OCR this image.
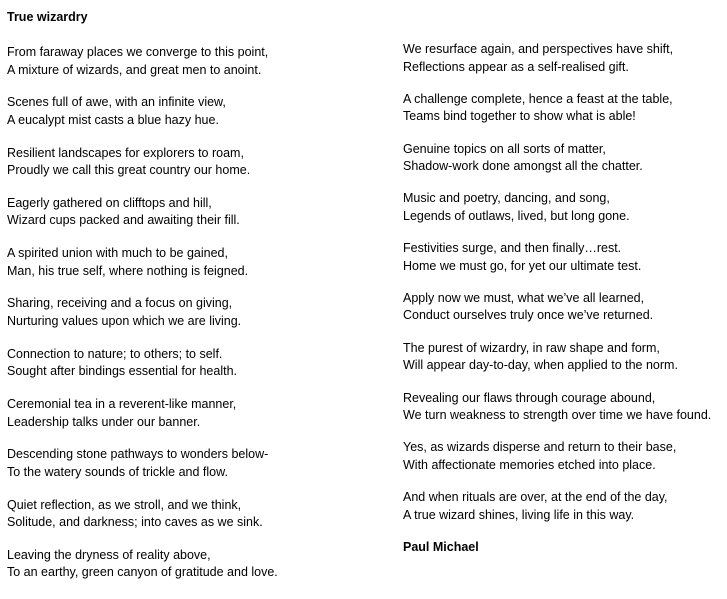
True wizardry

From faraway places we converge to this point,
A mixture of wizards, and great men to anoint.

Scenes full of awe, with an infinite view,
A eucalypt mist casts a blue hazy hue.

Resilient landscapes for explorers to roam,
Proudly we call this great country our home.

Eagerly gathered on clifftops and hill,
Wizard cups packed and awaiting their fill.

A spirited union with much to be gained,
Man, his true self, where nothing is feigned.

Sharing, receiving and a focus on giving,
Nurturing values upon which we are living.

Connection to nature; to others; to self.
Sought after bindings essential for health.

Ceremonial tea in a reverent-like manner,
Leadership talks under our banner.

Descending stone pathways to wonders below-
To the watery sounds of trickle and flow.

Quiet reflection, as we stroll, and we think,
Solitude, and darkness; into caves as we sink.

Leaving the dryness of reality above,
To an earthy, green canyon of gratitude and love.

We resurface again, and perspectives have shift,
Reflections appear as a self-realised gift.

A challenge complete, hence a feast at the table,
Teams bind together to show what is able!

Genuine topics on all sorts of matter,
Shadow-work done amongst all the chatter.

Music and poetry, dancing, and song,
Legends of outlaws, lived, but long gone.

Festivities surge, and then finally…rest.
Home we must go, for yet our ultimate test.

Apply now we must, what we’ve all learned,
Conduct ourselves truly once we’ve returned.

The purest of wizardry, in raw shape and form,
Will appear day-to-day, when applied to the norm.

Revealing our flaws through courage abound,
We turn weakness to strength over time we have found.

Yes, as wizards disperse and return to their base,
With affectionate memories etched into place.

And when rituals are over, at the end of the day,
A true wizard shines, living life in this way.

Paul Michael
